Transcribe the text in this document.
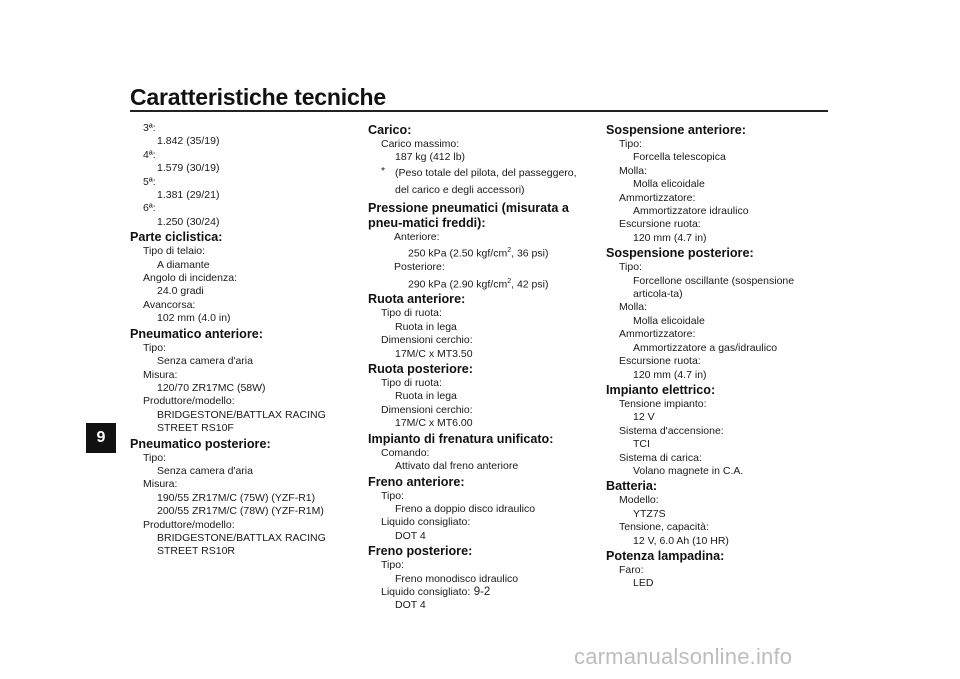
Caratteristiche tecniche
9
3ª:
1.842 (35/19)
4ª:
1.579 (30/19)
5ª:
1.381 (29/21)
6ª:
1.250 (30/24)
Parte ciclistica:
Tipo di telaio:
A diamante
Angolo di incidenza:
24.0 gradi
Avancorsa:
102 mm (4.0 in)
Pneumatico anteriore:
Tipo:
Senza camera d'aria
Misura:
120/70 ZR17MC (58W)
Produttore/modello:
BRIDGESTONE/BATTLAX RACING
STREET RS10F
Pneumatico posteriore:
Tipo:
Senza camera d'aria
Misura:
190/55 ZR17M/C (75W) (YZF-R1)
200/55 ZR17M/C (78W) (YZF-R1M)
Produttore/modello:
BRIDGESTONE/BATTLAX RACING
STREET RS10R
Carico:
Carico massimo:
187 kg (412 lb)
* (Peso totale del pilota, del passeggero, del carico e degli accessori)
Pressione pneumatici (misurata a pneu-matici freddi):
Anteriore:
250 kPa (2.50 kgf/$cm^2$, 36 psi)
Posteriore:
290 kPa (2.90 kgf/$cm^2$, 42 psi)
Ruota anteriore:
Tipo di ruota:
Ruota in lega
Dimensioni cerchio:
17M/C x MT3.50
Ruota posteriore:
Tipo di ruota:
Ruota in lega
Dimensioni cerchio:
17M/C x MT6.00
Impianto di frenatura unificato:
Comando:
Attivato dal freno anteriore
Freno anteriore:
Tipo:
Freno a doppio disco idraulico
Liquido consigliato:
DOT 4
Freno posteriore:
Tipo:
Freno monodisco idraulico
Liquido consigliato:
DOT 4
Sospensione anteriore:
Tipo:
Forcella telescopica
Molla:
Molla elicoidale
Ammortizzatore:
Ammortizzatore idraulico
Escursione ruota:
120 mm (4.7 in)
Sospensione posteriore:
Tipo:
Forcellone oscillante (sospensione articola-ta)
Molla:
Molla elicoidale
Ammortizzatore:
Ammortizzatore a gas/idraulico
Escursione ruota:
120 mm (4.7 in)
Impianto elettrico:
Tensione impianto:
12 V
Sistema d'accensione:
TCI
Sistema di carica:
Volano magnete in C.A.
Batteria:
Modello:
YTZ7S
Tensione, capacità:
12 V, 6.0 Ah (10 HR)
Potenza lampadina:
Faro:
LED
9-2
carmanualsonline.info
